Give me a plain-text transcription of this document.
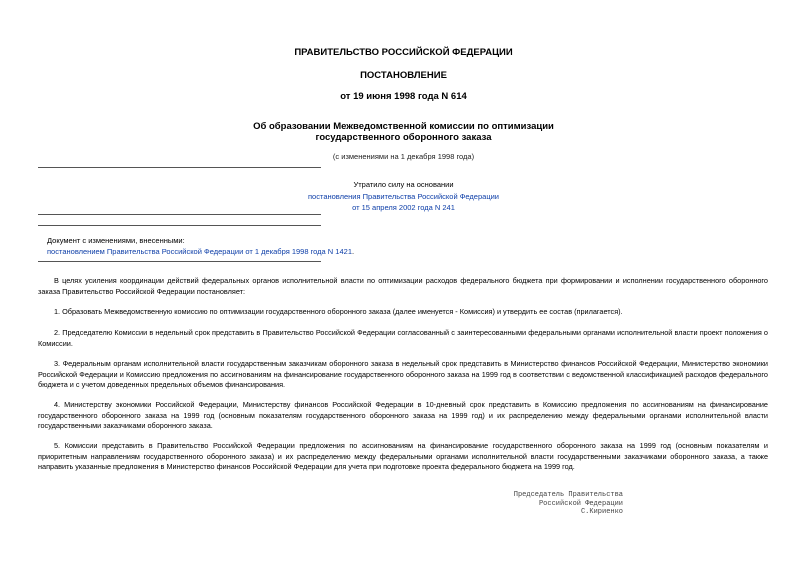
ПРАВИТЕЛЬСТВО РОССИЙСКОЙ ФЕДЕРАЦИИ
ПОСТАНОВЛЕНИЕ
от 19 июня 1998 года N 614
Об образовании Межведомственной комиссии по оптимизации
государственного оборонного заказа
(с изменениями на 1 декабря 1998 года)
Утратило силу на основании
постановления Правительства Российской Федерации
от 15 апреля 2002 года N 241
Документ с изменениями, внесенными:
постановлением Правительства Российской Федерации от 1 декабря 1998 года N 1421.

В целях усиления координации действий федеральных органов исполнительной власти по оптимизации расходов федерального бюджета при формировании и исполнении государственного оборонного заказа Правительство Российской Федерации постановляет:

1. Образовать Межведомственную комиссию по оптимизации государственного оборонного заказа (далее именуется - Комиссия) и утвердить ее состав (прилагается).

2. Председателю Комиссии в недельный срок представить в Правительство Российской Федерации согласованный с заинтересованными федеральными органами исполнительной власти проект положения о Комиссии.

3. Федеральным органам исполнительной власти государственным заказчикам оборонного заказа в недельный срок представить в Министерство финансов Российской Федерации, Министерство экономики Российской Федерации и Комиссию предложения по ассигнованиям на финансирование государственного оборонного заказа на 1999 год в соответствии с ведомственной классификацией расходов федерального бюджета и с учетом доведенных предельных объемов финансирования.

4. Министерству экономики Российской Федерации, Министерству финансов Российской Федерации в 10-дневный срок представить в Комиссию предложения по ассигнованиям на финансирование государственного оборонного заказа на 1999 год (основным показателям государственного оборонного заказа на 1999 год) и их распределению между федеральными органами исполнительной власти государственными заказчиками оборонного заказа.

5. Комиссии представить в Правительство Российской Федерации предложения по ассигнованиям на финансирование государственного оборонного заказа на 1999 год (основным показателям и приоритетным направлениям государственного оборонного заказа) и их распределению между федеральными органами исполнительной власти государственными заказчиками оборонного заказа, а также направить указанные предложения в Министерство финансов Российской Федерации для учета при подготовке проекта федерального бюджета на 1999 год.

Председатель Правительства
Российской Федерации
С.Кириенко
